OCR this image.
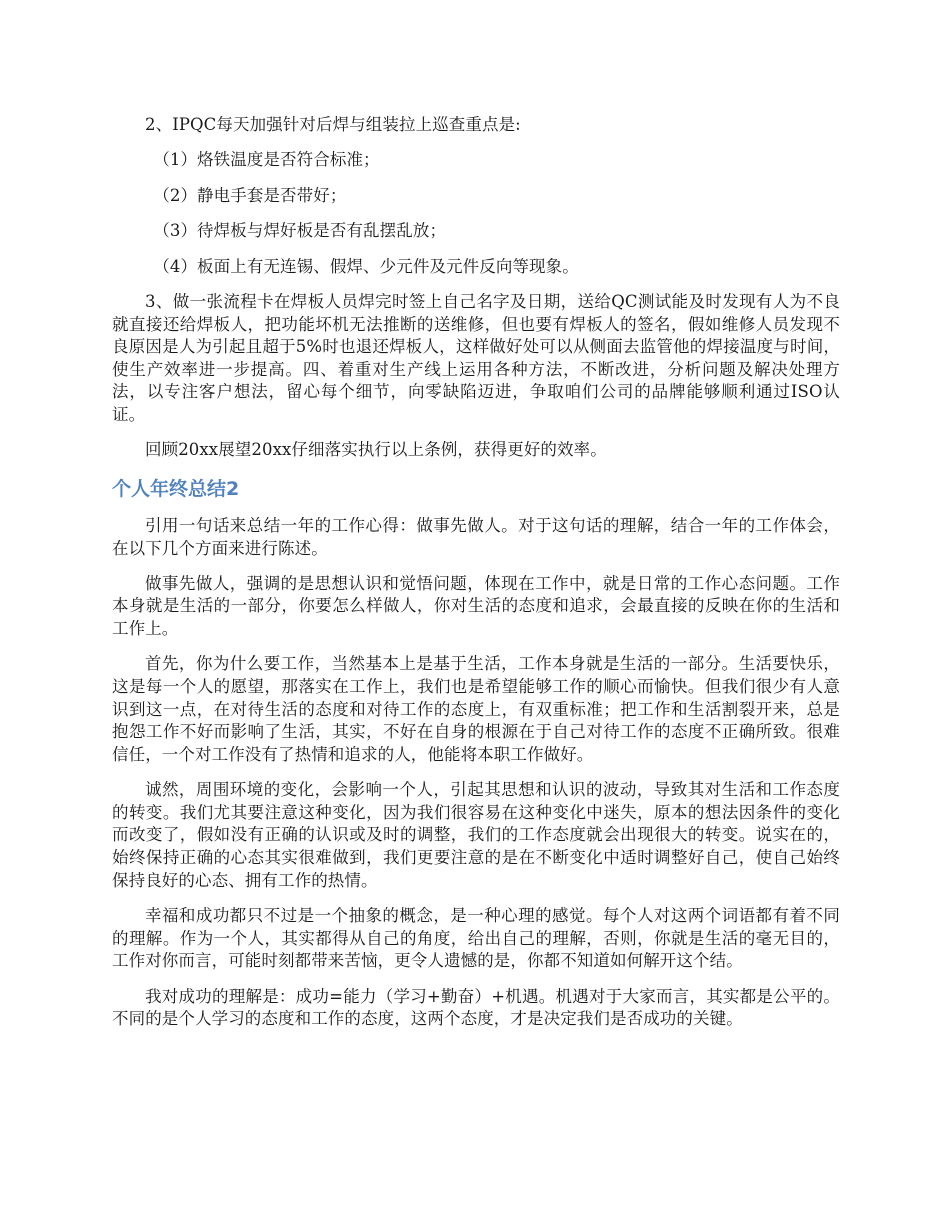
2、IPQC每天加强针对后焊与组装拉上巡查重点是:

（1）烙铁温度是否符合标准；

（2）静电手套是否带好；

（3）待焊板与焊好板是否有乱摆乱放；

（4）板面上有无连锡、假焊、少元件及元件反向等现象。

3、做一张流程卡在焊板人员焊完时签上自己名字及日期，送给QC测试能及时发现有人为不良就直接还给焊板人，把功能坏机无法推断的送维修，但也要有焊板人的签名，假如维修人员发现不良原因是人为引起且超于5%时也退还焊板人，这样做好处可以从侧面去监管他的焊接温度与时间，使生产效率进一步提高。四、着重对生产线上运用各种方法，不断改进，分析问题及解决处理方法，以专注客户想法，留心每个细节，向零缺陷迈进，争取咱们公司的品牌能够顺利通过ISO认证。

回顾20xx展望20xx仔细落实执行以上条例，获得更好的效率。

个人年终总结2

引用一句话来总结一年的工作心得：做事先做人。对于这句话的理解，结合一年的工作体会，在以下几个方面来进行陈述。

做事先做人，强调的是思想认识和觉悟问题，体现在工作中，就是日常的工作心态问题。工作本身就是生活的一部分，你要怎么样做人，你对生活的态度和追求，会最直接的反映在你的生活和工作上。

首先，你为什么要工作，当然基本上是基于生活，工作本身就是生活的一部分。生活要快乐，这是每一个人的愿望，那落实在工作上，我们也是希望能够工作的顺心而愉快。但我们很少有人意识到这一点，在对待生活的态度和对待工作的态度上，有双重标准；把工作和生活割裂开来，总是抱怨工作不好而影响了生活，其实，不好在自身的根源在于自己对待工作的态度不正确所致。很难信任，一个对工作没有了热情和追求的人，他能将本职工作做好。

诚然，周围环境的变化，会影响一个人，引起其思想和认识的波动，导致其对生活和工作态度的转变。我们尤其要注意这种变化，因为我们很容易在这种变化中迷失，原本的想法因条件的变化而改变了，假如没有正确的认识或及时的调整，我们的工作态度就会出现很大的转变。说实在的，始终保持正确的心态其实很难做到，我们更要注意的是在不断变化中适时调整好自己，使自己始终保持良好的心态、拥有工作的热情。

幸福和成功都只不过是一个抽象的概念，是一种心理的感觉。每个人对这两个词语都有着不同的理解。作为一个人，其实都得从自己的角度，给出自己的理解，否则，你就是生活的毫无目的，工作对你而言，可能时刻都带来苦恼，更令人遗憾的是，你都不知道如何解开这个结。

我对成功的理解是：成功=能力（学习+勤奋）+机遇。机遇对于大家而言，其实都是公平的。不同的是个人学习的态度和工作的态度，这两个态度，才是决定我们是否成功的关键。
